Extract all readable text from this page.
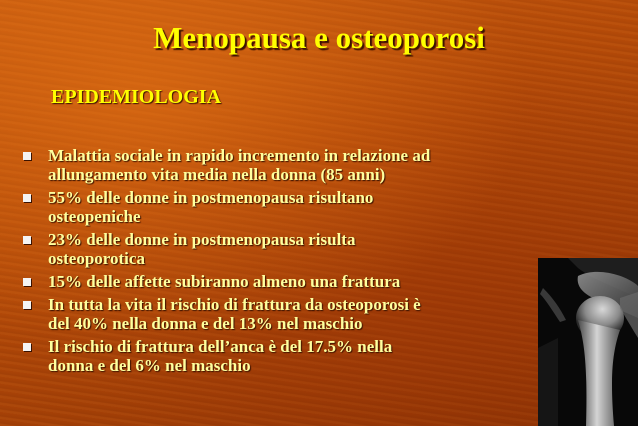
Menopausa e osteoporosi
EPIDEMIOLOGIA
Malattia sociale in rapido incremento in relazione ad
allungamento vita media nella donna (85 anni)
55% delle donne in postmenopausa risultano
osteopeniche
23% delle donne in postmenopausa risulta
osteoporotica
15% delle affette subiranno almeno una frattura
In tutta la vita il rischio di frattura da osteoporosi è
del 40% nella donna e del 13% nel maschio
Il rischio di frattura dell’anca è del 17.5% nella
donna e del 6% nel maschio
